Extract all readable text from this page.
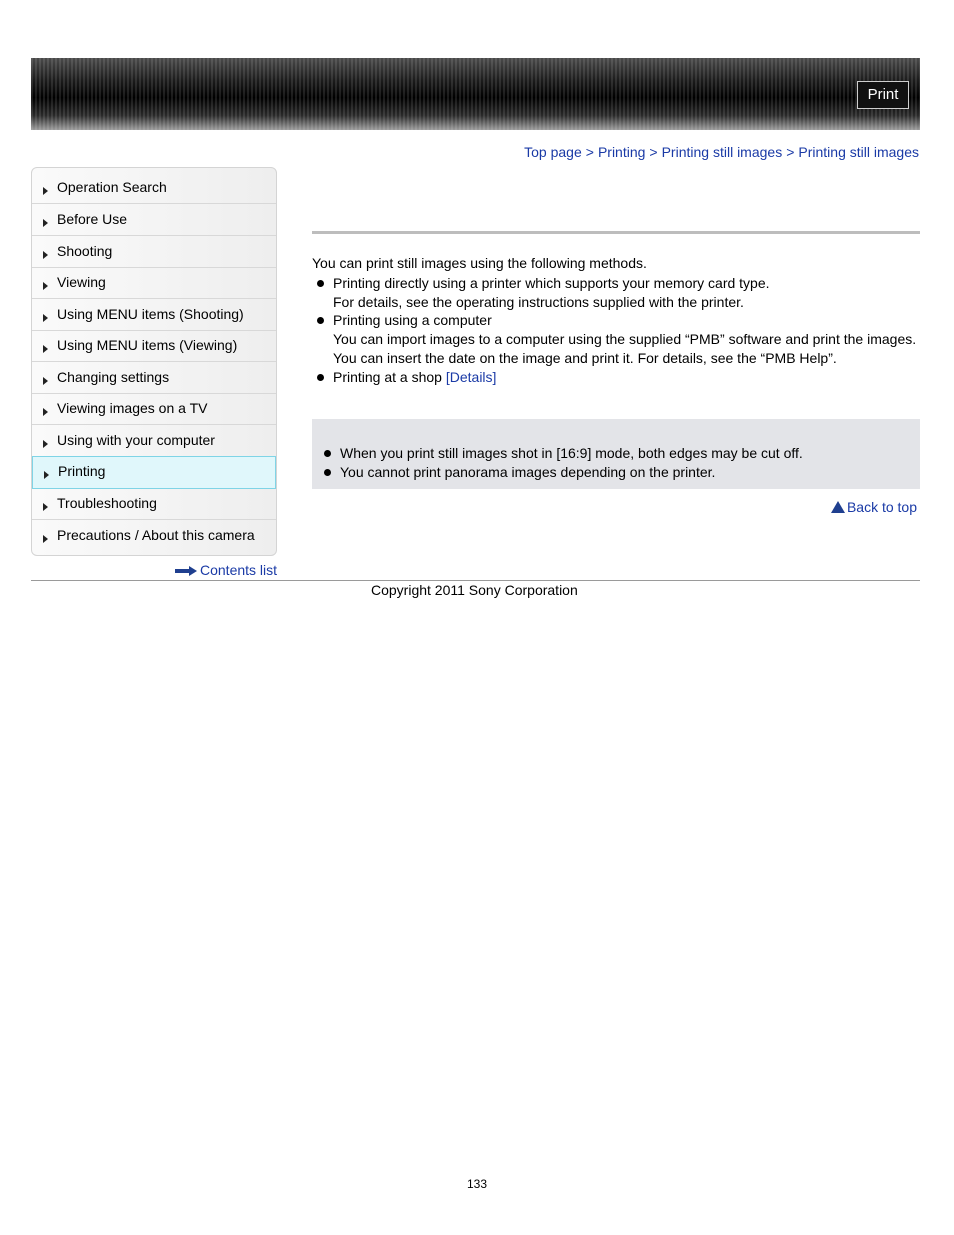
Print
Top page > Printing > Printing still images > Printing still images
Operation Search
Before Use
Shooting
Viewing
Using MENU items (Shooting)
Using MENU items (Viewing)
Changing settings
Viewing images on a TV
Using with your computer
Printing
Troubleshooting
Precautions / About this camera
Contents list
You can print still images using the following methods.
Printing directly using a printer which supports your memory card type.
For details, see the operating instructions supplied with the printer.
Printing using a computer
You can import images to a computer using the supplied “PMB” software and print the images.
You can insert the date on the image and print it. For details, see the “PMB Help”.
Printing at a shop [Details]
When you print still images shot in [16:9] mode, both edges may be cut off.
You cannot print panorama images depending on the printer.
Back to top
Copyright 2011 Sony Corporation
133
